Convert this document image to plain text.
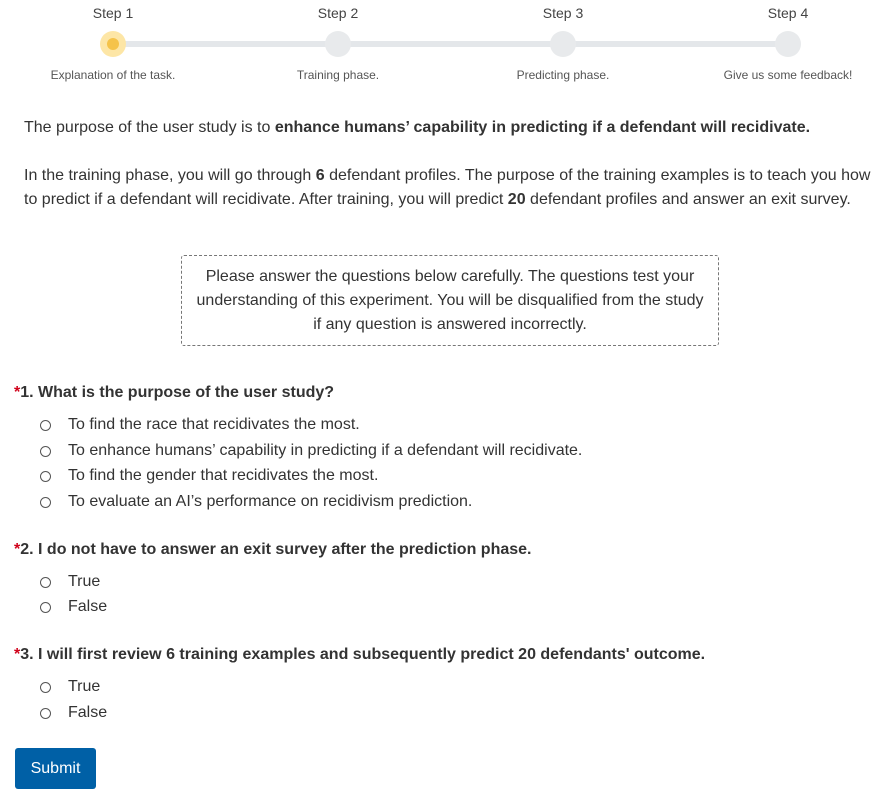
Step 1
Explanation of the task.
Step 2
Training phase.
Step 3
Predicting phase.
Step 4
Give us some feedback!
The purpose of the user study is to enhance humans’ capability in predicting if a defendant will recidivate.
In the training phase, you will go through 6 defendant profiles. The purpose of the training examples is to teach you how to predict if a defendant will recidivate. After training, you will predict 20 defendant profiles and answer an exit survey.
Please answer the questions below carefully. The questions test your understanding of this experiment. You will be disqualified from the study if any question is answered incorrectly.
*1. What is the purpose of the user study?
To find the race that recidivates the most.
To enhance humans’ capability in predicting if a defendant will recidivate.
To find the gender that recidivates the most.
To evaluate an AI’s performance on recidivism prediction.
*2. I do not have to answer an exit survey after the prediction phase.
True
False
*3. I will first review 6 training examples and subsequently predict 20 defendants' outcome.
True
False
Submit
